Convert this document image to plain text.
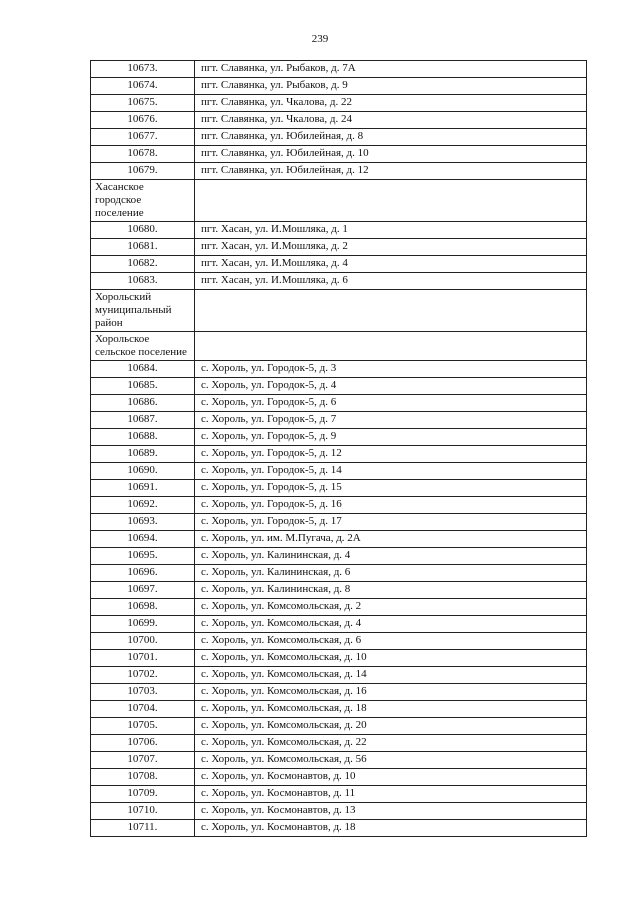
239
10673.	пгт. Славянка, ул. Рыбаков, д. 7А
10674.	пгт. Славянка, ул. Рыбаков, д. 9
10675.	пгт. Славянка, ул. Чкалова, д. 22
10676.	пгт. Славянка, ул. Чкалова, д. 24
10677.	пгт. Славянка, ул. Юбилейная, д. 8
10678.	пгт. Славянка, ул. Юбилейная, д. 10
10679.	пгт. Славянка, ул. Юбилейная, д. 12
Хасанское городское поселение	
10680.	пгт. Хасан, ул. И.Мошляка, д. 1
10681.	пгт. Хасан, ул. И.Мошляка, д. 2
10682.	пгт. Хасан, ул. И.Мошляка, д. 4
10683.	пгт. Хасан, ул. И.Мошляка, д. 6
Хорольский муниципальный район	
Хорольское сельское поселение	
10684.	с. Хороль, ул. Городок-5, д. 3
10685.	с. Хороль, ул. Городок-5, д. 4
10686.	с. Хороль, ул. Городок-5, д. 6
10687.	с. Хороль, ул. Городок-5, д. 7
10688.	с. Хороль, ул. Городок-5, д. 9
10689.	с. Хороль, ул. Городок-5, д. 12
10690.	с. Хороль, ул. Городок-5, д. 14
10691.	с. Хороль, ул. Городок-5, д. 15
10692.	с. Хороль, ул. Городок-5, д. 16
10693.	с. Хороль, ул. Городок-5, д. 17
10694.	с. Хороль, ул. им. М.Пугача, д. 2А
10695.	с. Хороль, ул. Калининская, д. 4
10696.	с. Хороль, ул. Калининская, д. 6
10697.	с. Хороль, ул. Калининская, д. 8
10698.	с. Хороль, ул. Комсомольская, д. 2
10699.	с. Хороль, ул. Комсомольская, д. 4
10700.	с. Хороль, ул. Комсомольская, д. 6
10701.	с. Хороль, ул. Комсомольская, д. 10
10702.	с. Хороль, ул. Комсомольская, д. 14
10703.	с. Хороль, ул. Комсомольская, д. 16
10704.	с. Хороль, ул. Комсомольская, д. 18
10705.	с. Хороль, ул. Комсомольская, д. 20
10706.	с. Хороль, ул. Комсомольская, д. 22
10707.	с. Хороль, ул. Комсомольская, д. 56
10708.	с. Хороль, ул. Космонавтов, д. 10
10709.	с. Хороль, ул. Космонавтов, д. 11
10710.	с. Хороль, ул. Космонавтов, д. 13
10711.	с. Хороль, ул. Космонавтов, д. 18
